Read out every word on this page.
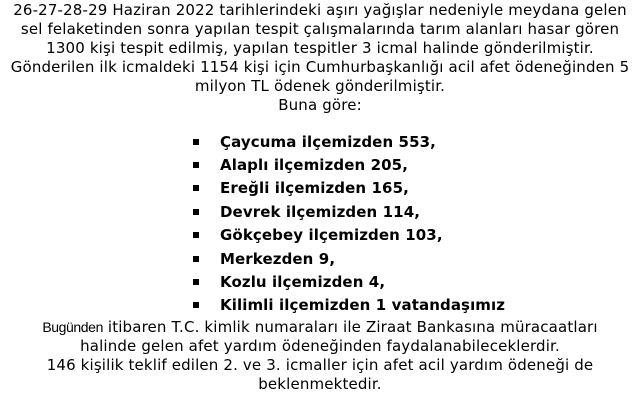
26-27-28-29 Haziran 2022 tarihlerindeki aşırı yağışlar nedeniyle meydana gelen

sel felaketinden sonra yapılan tespit çalışmalarında tarım alanları hasar gören

1300 kişi tespit edilmiş, yapılan tespitler 3 icmal halinde gönderilmiştir.

Gönderilen ilk icmaldeki 1154 kişi için Cumhurbaşkanlığı acil afet ödeneğinden 5

milyon TL ödenek gönderilmiştir.

Buna göre:

Çaycuma ilçemizden 553,
Alaplı ilçemizden 205,
Ereğli ilçemizden 165,
Devrek ilçemizden 114,
Gökçebey ilçemizden 103,
Merkezden 9,
Kozlu ilçemizden 4,
Kilimli ilçemizden 1 vatandaşımız

Bugünden itibaren T.C. kimlik numaraları ile Ziraat Bankasına müracaatları

halinde gelen afet yardım ödeneğinden faydalanabileceklerdir.

146 kişilik teklif edilen 2. ve 3. icmaller için afet acil yardım ödeneği de

beklenmektedir.
